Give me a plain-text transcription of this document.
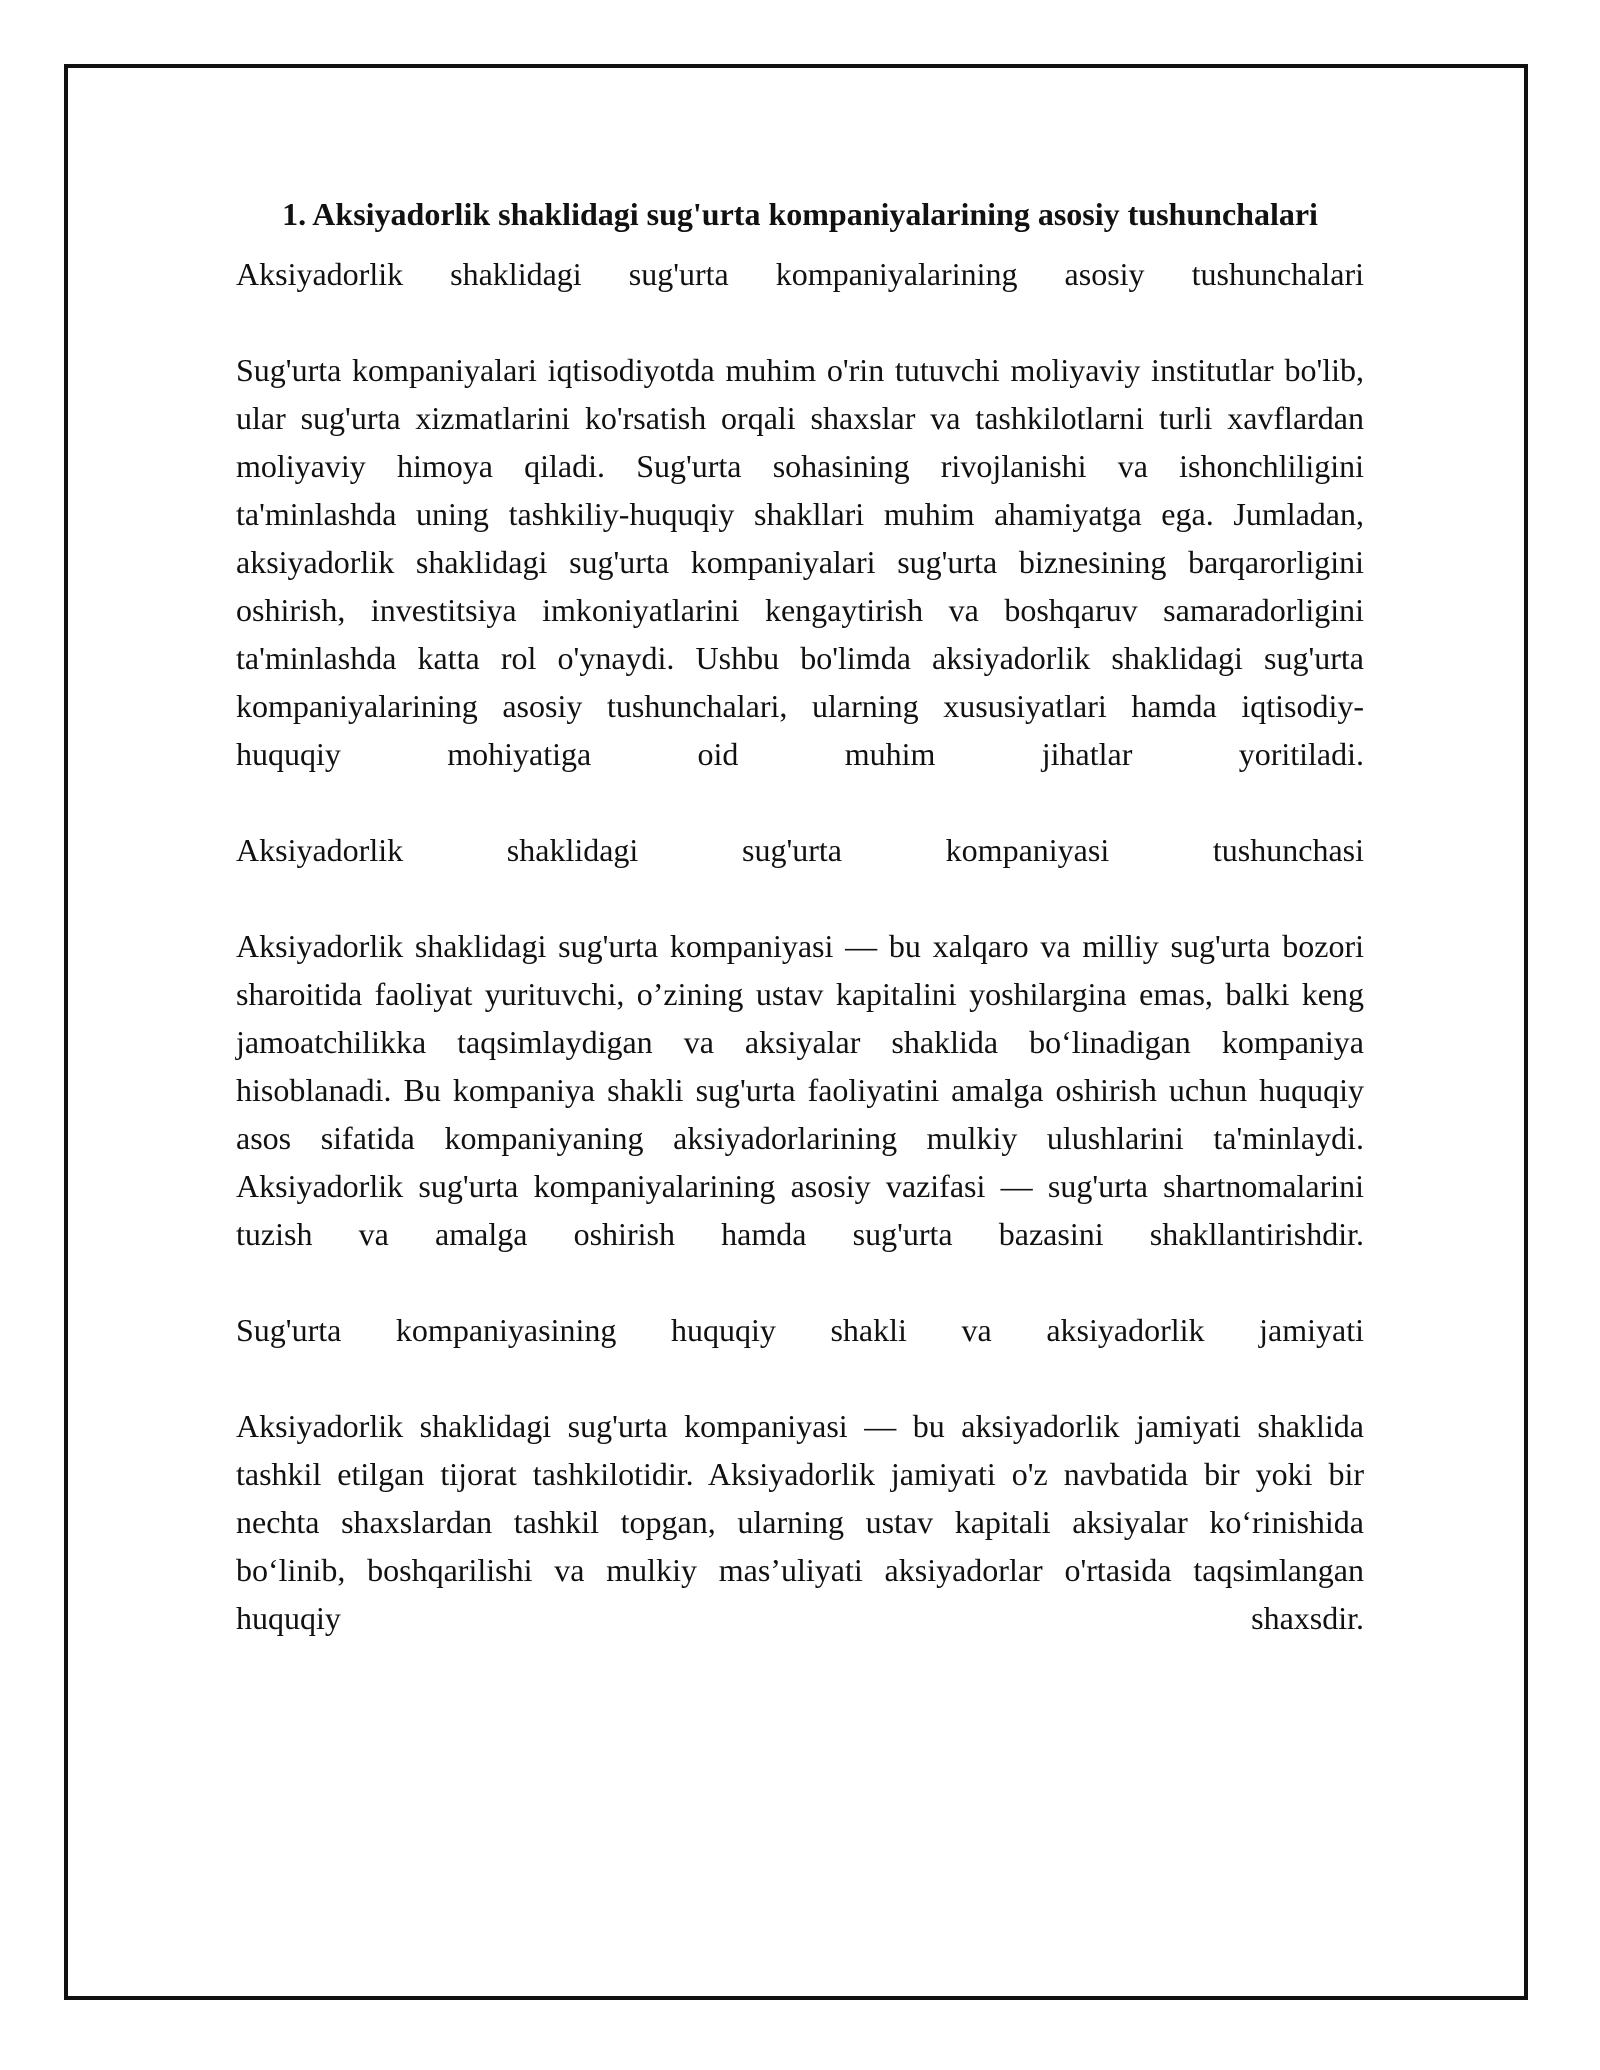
1. Aksiyadorlik shaklidagi sug'urta kompaniyalarining asosiy tushunchalari

Aksiyadorlik shaklidagi sug'urta kompaniyalarining asosiy tushunchalari

Sug'urta kompaniyalari iqtisodiyotda muhim o'rin tutuvchi moliyaviy institutlar bo'lib, ular sug'urta xizmatlarini ko'rsatish orqali shaxslar va tashkilotlarni turli xavflardan moliyaviy himoya qiladi. Sug'urta sohasining rivojlanishi va ishonchliligini ta'minlashda uning tashkiliy-huquqiy shakllari muhim ahamiyatga ega. Jumladan, aksiyadorlik shaklidagi sug'urta kompaniyalari sug'urta biznesining barqarorligini oshirish, investitsiya imkoniyatlarini kengaytirish va boshqaruv samaradorligini ta'minlashda katta rol o'ynaydi. Ushbu bo'limda aksiyadorlik shaklidagi sug'urta kompaniyalarining asosiy tushunchalari, ularning xususiyatlari hamda iqtisodiy-huquqiy mohiyatiga oid muhim jihatlar yoritiladi.

Aksiyadorlik shaklidagi sug'urta kompaniyasi tushunchasi

Aksiyadorlik shaklidagi sug'urta kompaniyasi — bu xalqaro va milliy sug'urta bozori sharoitida faoliyat yurituvchi, o’zining ustav kapitalini yoshilargina emas, balki keng jamoatchilikka taqsimlaydigan va aksiyalar shaklida bo‘linadigan kompaniya hisoblanadi. Bu kompaniya shakli sug'urta faoliyatini amalga oshirish uchun huquqiy asos sifatida kompaniyaning aksiyadorlarining mulkiy ulushlarini ta'minlaydi. Aksiyadorlik sug'urta kompaniyalarining asosiy vazifasi — sug'urta shartnomalarini tuzish va amalga oshirish hamda sug'urta bazasini shakllantirishdir.

Sug'urta kompaniyasining huquqiy shakli va aksiyadorlik jamiyati

Aksiyadorlik shaklidagi sug'urta kompaniyasi — bu aksiyadorlik jamiyati shaklida tashkil etilgan tijorat tashkilotidir. Aksiyadorlik jamiyati o'z navbatida bir yoki bir nechta shaxslardan tashkil topgan, ularning ustav kapitali aksiyalar ko‘rinishida bo‘linib, boshqarilishi va mulkiy mas’uliyati aksiyadorlar o'rtasida taqsimlangan huquqiy shaxsdir.
